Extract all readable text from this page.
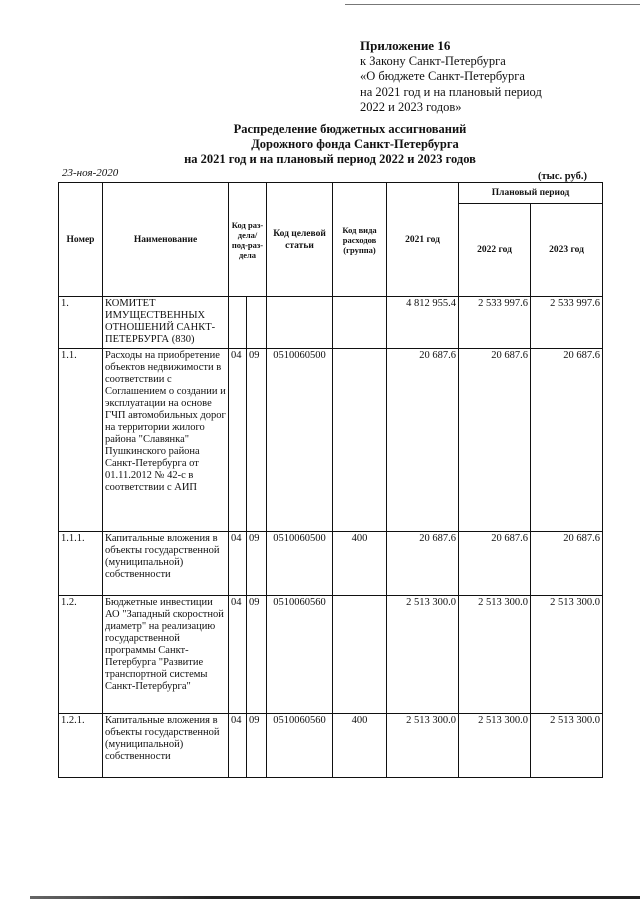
Приложение 16
к Закону Санкт-Петербурга
«О бюджете Санкт-Петербурга
на 2021 год и на плановый период
2022 и 2023 годов»
Распределение бюджетных ассигнований
Дорожного фонда Санкт-Петербурга
на 2021 год и на плановый период 2022 и 2023 годов
23-ноя-2020	(тыс. руб.)
Номер	Наименование	Код раз-дела/ под-раз-дела		Код целевой статьи	Код вида расходов (группа)	2021 год	Плановый период	
							2022 год	2023 год
1.	КОМИТЕТ ИМУЩЕСТВЕННЫХ ОТНОШЕНИЙ САНКТ-ПЕТЕРБУРГА (830)					4 812 955.4	2 533 997.6	2 533 997.6
1.1.	Расходы на приобретение объектов недвижимости в соответствии с Соглашением о создании и эксплуатации на основе ГЧП автомобильных дорог на территории жилого района "Славянка" Пушкинского района Санкт-Петербурга от 01.11.2012 № 42-с в соответствии с АИП	04	09	0510060500		20 687.6	20 687.6	20 687.6
1.1.1.	Капитальные вложения в объекты государственной (муниципальной) собственности	04	09	0510060500	400	20 687.6	20 687.6	20 687.6
1.2.	Бюджетные инвестиции АО "Западный скоростной диаметр" на реализацию государственной программы Санкт-Петербурга "Развитие транспортной системы Санкт-Петербурга"	04	09	0510060560		2 513 300.0	2 513 300.0	2 513 300.0
1.2.1.	Капитальные вложения в объекты государственной (муниципальной) собственности	04	09	0510060560	400	2 513 300.0	2 513 300.0	2 513 300.0
